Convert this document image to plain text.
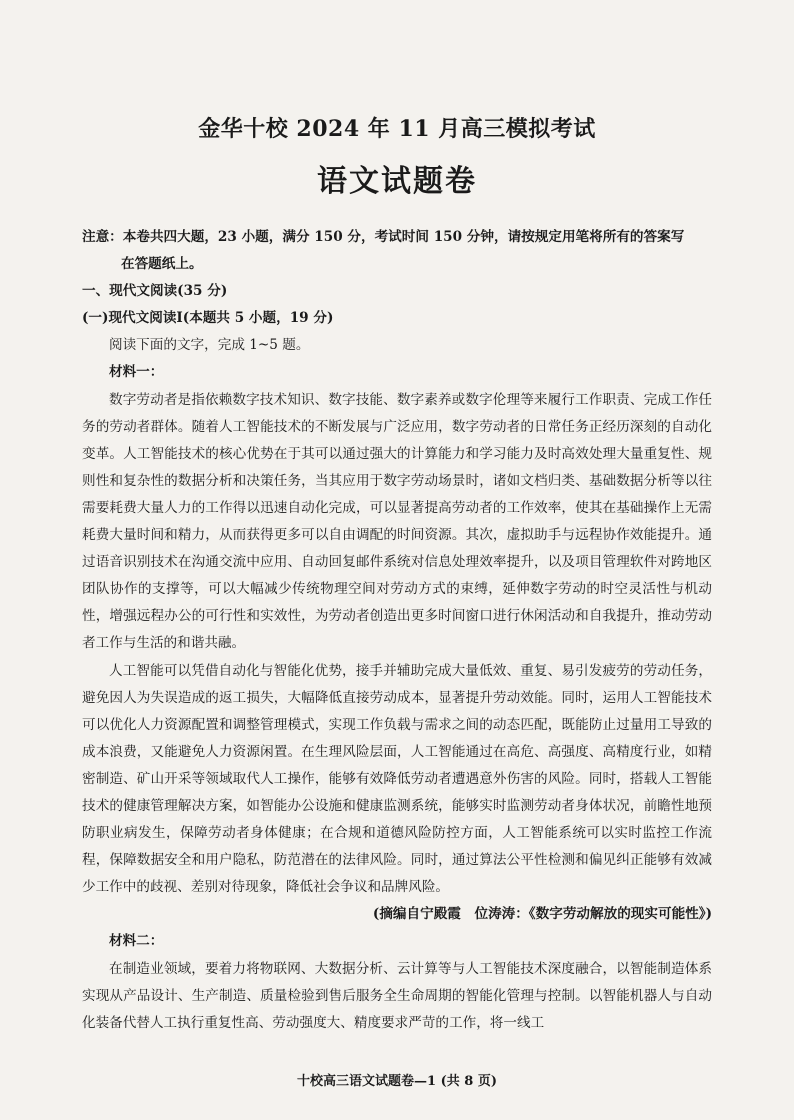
金华十校 2024 年 11 月高三模拟考试
语文试题卷
注意：本卷共四大题，23 小题，满分 150 分，考试时间 150 分钟，请按规定用笔将所有的答案写
在答题纸上。
一、现代文阅读(35 分)
(一)现代文阅读Ⅰ(本题共 5 小题，19 分)
阅读下面的文字，完成 1~5 题。
材料一：

数字劳动者是指依赖数字技术知识、数字技能、数字素养或数字伦理等来履行工作职责、完成工作任务的劳动者群体。随着人工智能技术的不断发展与广泛应用，数字劳动者的日常任务正经历深刻的自动化变革。人工智能技术的核心优势在于其可以通过强大的计算能力和学习能力及时高效处理大量重复性、规则性和复杂性的数据分析和决策任务，当其应用于数字劳动场景时，诸如文档归类、基础数据分析等以往需要耗费大量人力的工作得以迅速自动化完成，可以显著提高劳动者的工作效率，使其在基础操作上无需耗费大量时间和精力，从而获得更多可以自由调配的时间资源。其次，虚拟助手与远程协作效能提升。通过语音识别技术在沟通交流中应用、自动回复邮件系统对信息处理效率提升，以及项目管理软件对跨地区团队协作的支撑等，可以大幅减少传统物理空间对劳动方式的束缚，延伸数字劳动的时空灵活性与机动性，增强远程办公的可行性和实效性，为劳动者创造出更多时间窗口进行休闲活动和自我提升，推动劳动者工作与生活的和谐共融。

人工智能可以凭借自动化与智能化优势，接手并辅助完成大量低效、重复、易引发疲劳的劳动任务，避免因人为失误造成的返工损失，大幅降低直接劳动成本，显著提升劳动效能。同时，运用人工智能技术可以优化人力资源配置和调整管理模式，实现工作负载与需求之间的动态匹配，既能防止过量用工导致的成本浪费，又能避免人力资源闲置。在生理风险层面，人工智能通过在高危、高强度、高精度行业，如精密制造、矿山开采等领域取代人工操作，能够有效降低劳动者遭遇意外伤害的风险。同时，搭载人工智能技术的健康管理解决方案，如智能办公设施和健康监测系统，能够实时监测劳动者身体状况，前瞻性地预防职业病发生，保障劳动者身体健康；在合规和道德风险防控方面，人工智能系统可以实时监控工作流程，保障数据安全和用户隐私，防范潜在的法律风险。同时，通过算法公平性检测和偏见纠正能够有效减少工作中的歧视、差别对待现象，降低社会争议和品牌风险。

(摘编自宁殿霞　位涛涛：《数字劳动解放的现实可能性》)

材料二：

在制造业领域，要着力将物联网、大数据分析、云计算等与人工智能技术深度融合，以智能制造体系实现从产品设计、生产制造、质量检验到售后服务全生命周期的智能化管理与控制。以智能机器人与自动化装备代替人工执行重复性高、劳动强度大、精度要求严苛的工作，将一线工

十校高三语文试题卷—1 (共 8 页)
